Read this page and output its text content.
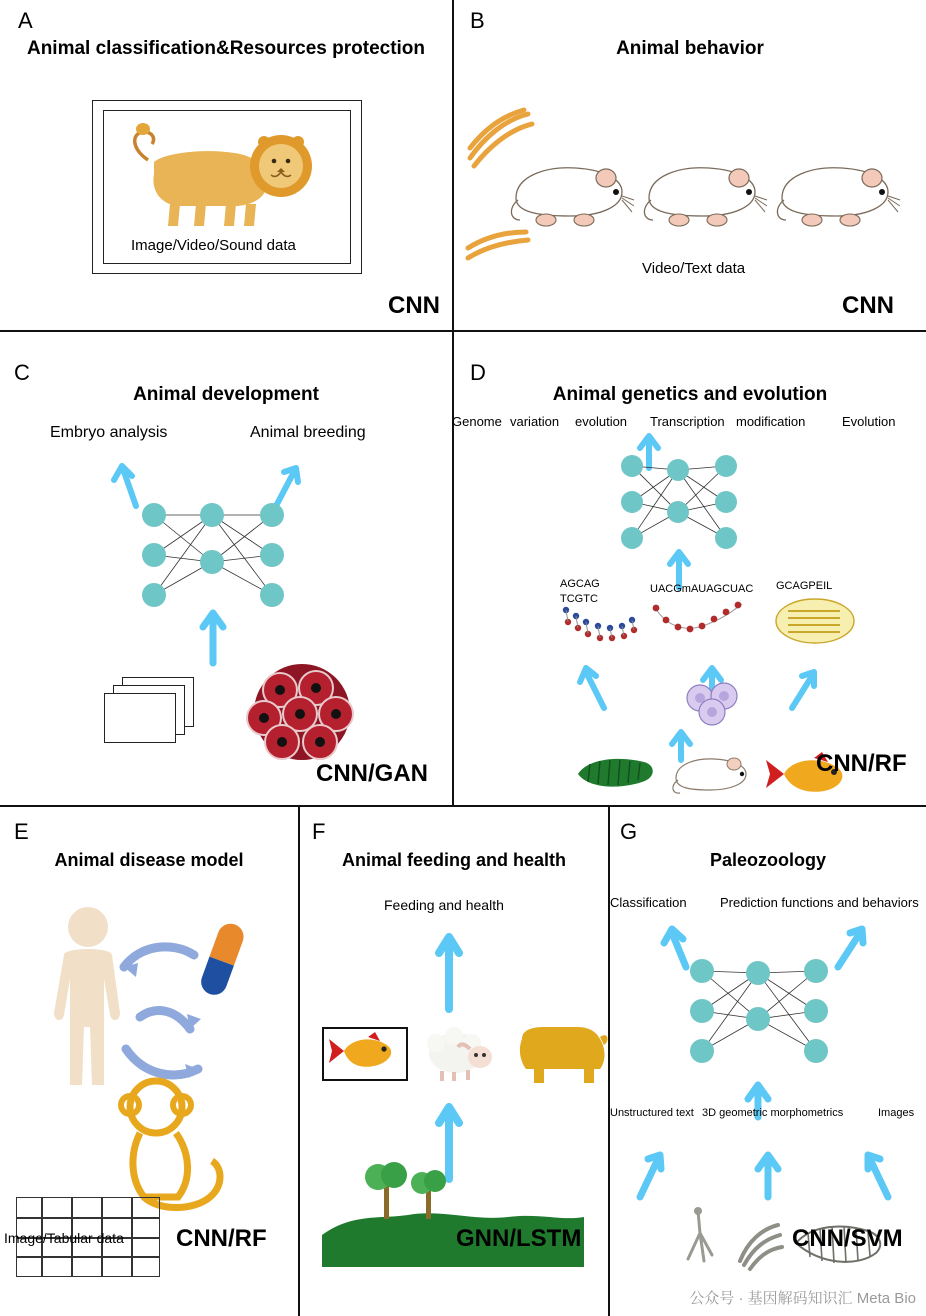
A
Animal classification&Resources protection
Image/Video/Sound data
CNN
B
Animal behavior
Video/Text data
CNN
C
Animal development
Embryo analysis	Animal breeding
CNN/GAN
D
Animal genetics and evolution
Genome variation evolution Transcription modification	Evolution
AGCAG
TCGTC
UACGmAUAGCUAC GCAGPEIL
CNN/RF
E
Animal disease model
Image/Tabular data CNN/RF
F
Animal feeding and health
Feeding and health
GNN/LSTM
G
Paleozoology
Classification	Prediction functions and behaviors
Unstructured text 3D geometric morphometrics	Images
CNN/SVM
公众号 · 基因解码知识汇 Meta Bio
